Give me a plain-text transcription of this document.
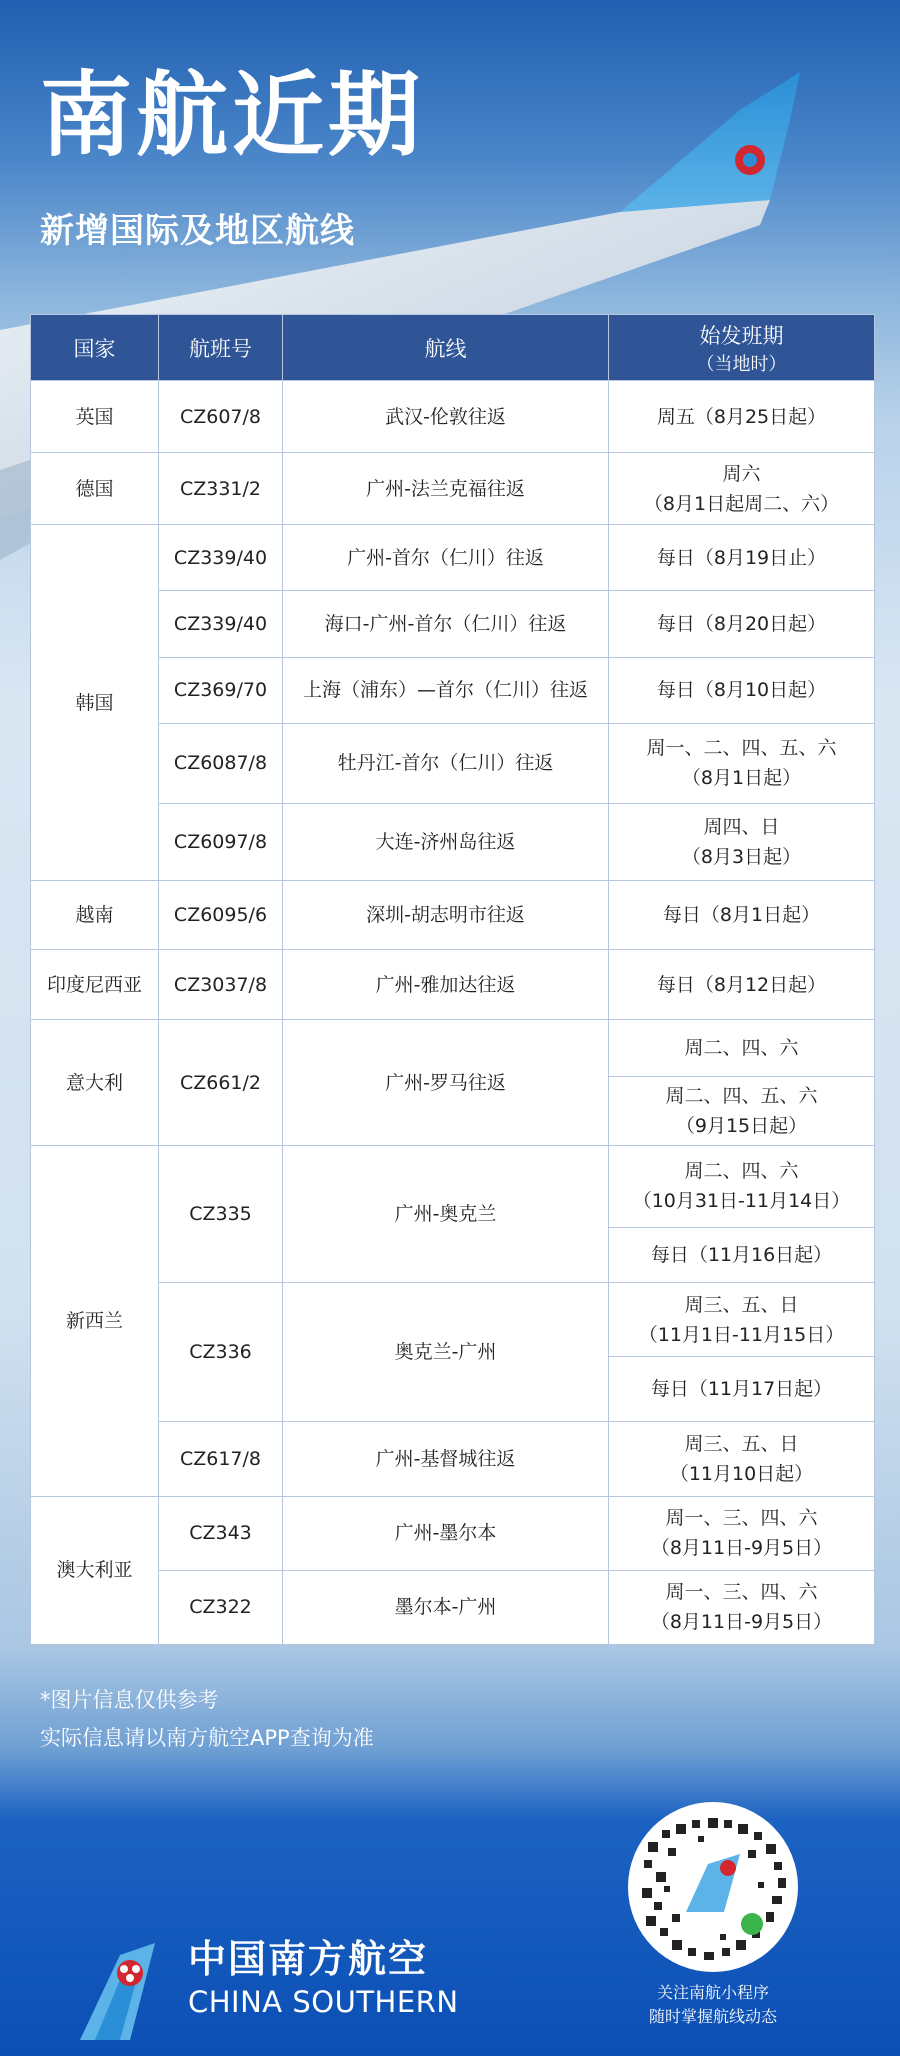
南航近期
新增国际及地区航线
国家	航班号	航线	始发班期
（当地时）

英国	CZ607/8	武汉-伦敦往返	周五（8月25日起）

德国	CZ331/2	广州-法兰克福往返	周六
（8月1日起周二、六）

韩国	CZ339/40	广州-首尔（仁川）往返	每日（8月19日止）

	CZ339/40	海口-广州-首尔（仁川）往返	每日（8月20日起）

	CZ369/70	上海（浦东）—首尔（仁川）往返	每日（8月10日起）

	CZ6087/8	牡丹江-首尔（仁川）往返	周一、二、四、五、六
（8月1日起）

	CZ6097/8	大连-济州岛往返	周四、日
（8月3日起）

越南	CZ6095/6	深圳-胡志明市往返	每日（8月1日起）

印度尼西亚	CZ3037/8	广州-雅加达往返	每日（8月12日起）

意大利	CZ661/2	广州-罗马往返	周二、四、六

			周二、四、五、六
（9月15日起）

新西兰	CZ335	广州-奥克兰	周二、四、六
（10月31日-11月14日）

			每日（11月16日起）

	CZ336	奥克兰-广州	周三、五、日
（11月1日-11月15日）

			每日（11月17日起）

	CZ617/8	广州-基督城往返	周三、五、日
（11月10日起）

澳大利亚	CZ343	广州-墨尔本	周一、三、四、六
（8月11日-9月5日）

	CZ322	墨尔本-广州	周一、三、四、六
（8月11日-9月5日）

*图片信息仅供参考

实际信息请以南方航空APP查询为准

中国南方航空

CHINA SOUTHERN	关注南航小程序

随时掌握航线动态
